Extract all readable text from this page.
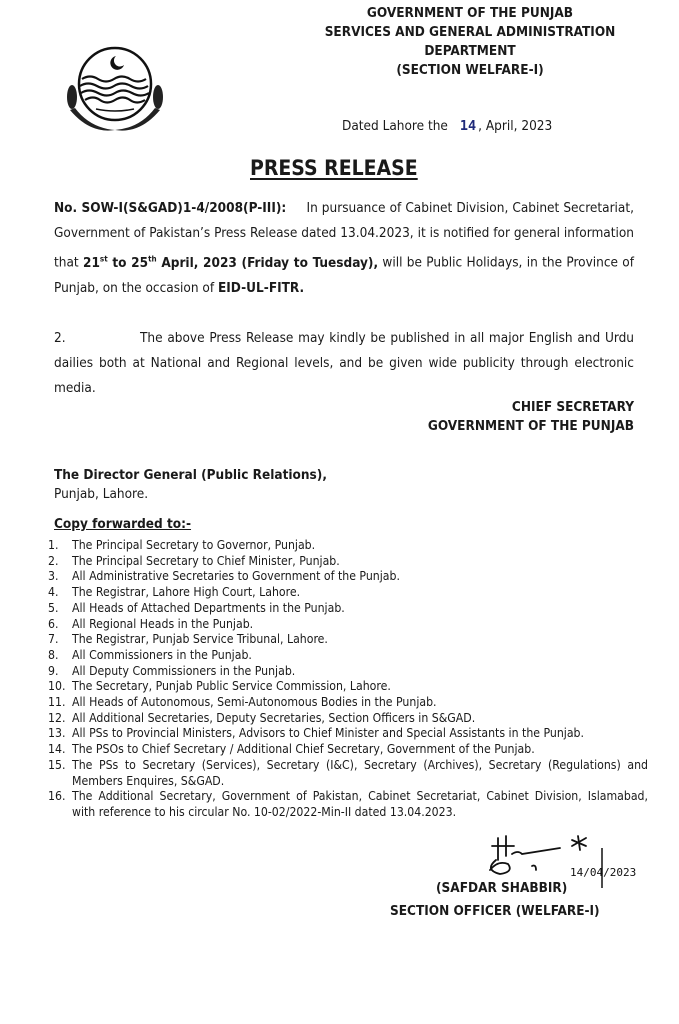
GOVERNMENT OF THE PUNJAB
SERVICES AND GENERAL ADMINISTRATION
DEPARTMENT
(SECTION WELFARE-I)
Dated Lahore the 14 , April, 2023
PRESS RELEASE
No. SOW-I(S&GAD)1-4/2008(P-III): In pursuance of Cabinet Division, Cabinet Secretariat, Government of Pakistan’s Press Release dated 13.04.2023, it is notified for general information that 21st to 25th April, 2023 (Friday to Tuesday), will be Public Holidays, in the Province of Punjab, on the occasion of EID-UL-FITR.
2.	The above Press Release may kindly be published in all major English and Urdu dailies both at National and Regional levels, and be given wide publicity through electronic media.
CHIEF SECRETARY
GOVERNMENT OF THE PUNJAB
The Director General (Public Relations),
Punjab, Lahore.
Copy forwarded to:-
1.	The Principal Secretary to Governor, Punjab.
2.	The Principal Secretary to Chief Minister, Punjab.
3.	All Administrative Secretaries to Government of the Punjab.
4.	The Registrar, Lahore High Court, Lahore.
5.	All Heads of Attached Departments in the Punjab.
6.	All Regional Heads in the Punjab.
7.	The Registrar, Punjab Service Tribunal, Lahore.
8.	All Commissioners in the Punjab.
9.	All Deputy Commissioners in the Punjab.
10. The Secretary, Punjab Public Service Commission, Lahore.
11. All Heads of Autonomous, Semi-Autonomous Bodies in the Punjab.
12. All Additional Secretaries, Deputy Secretaries, Section Officers in S&GAD.
13. All PSs to Provincial Ministers, Advisors to Chief Minister and Special Assistants in the Punjab.
14. The PSOs to Chief Secretary / Additional Chief Secretary, Government of the Punjab.
15. The PSs to Secretary (Services), Secretary (I&C), Secretary (Archives), Secretary (Regulations) and Members Enquires, S&GAD.
16. The Additional Secretary, Government of Pakistan, Cabinet Secretariat, Cabinet Division, Islamabad, with reference to his circular No. 10-02/2022-Min-II dated 13.04.2023.
14/04/2023
(SAFDAR SHABBIR)
SECTION OFFICER (WELFARE-I)
